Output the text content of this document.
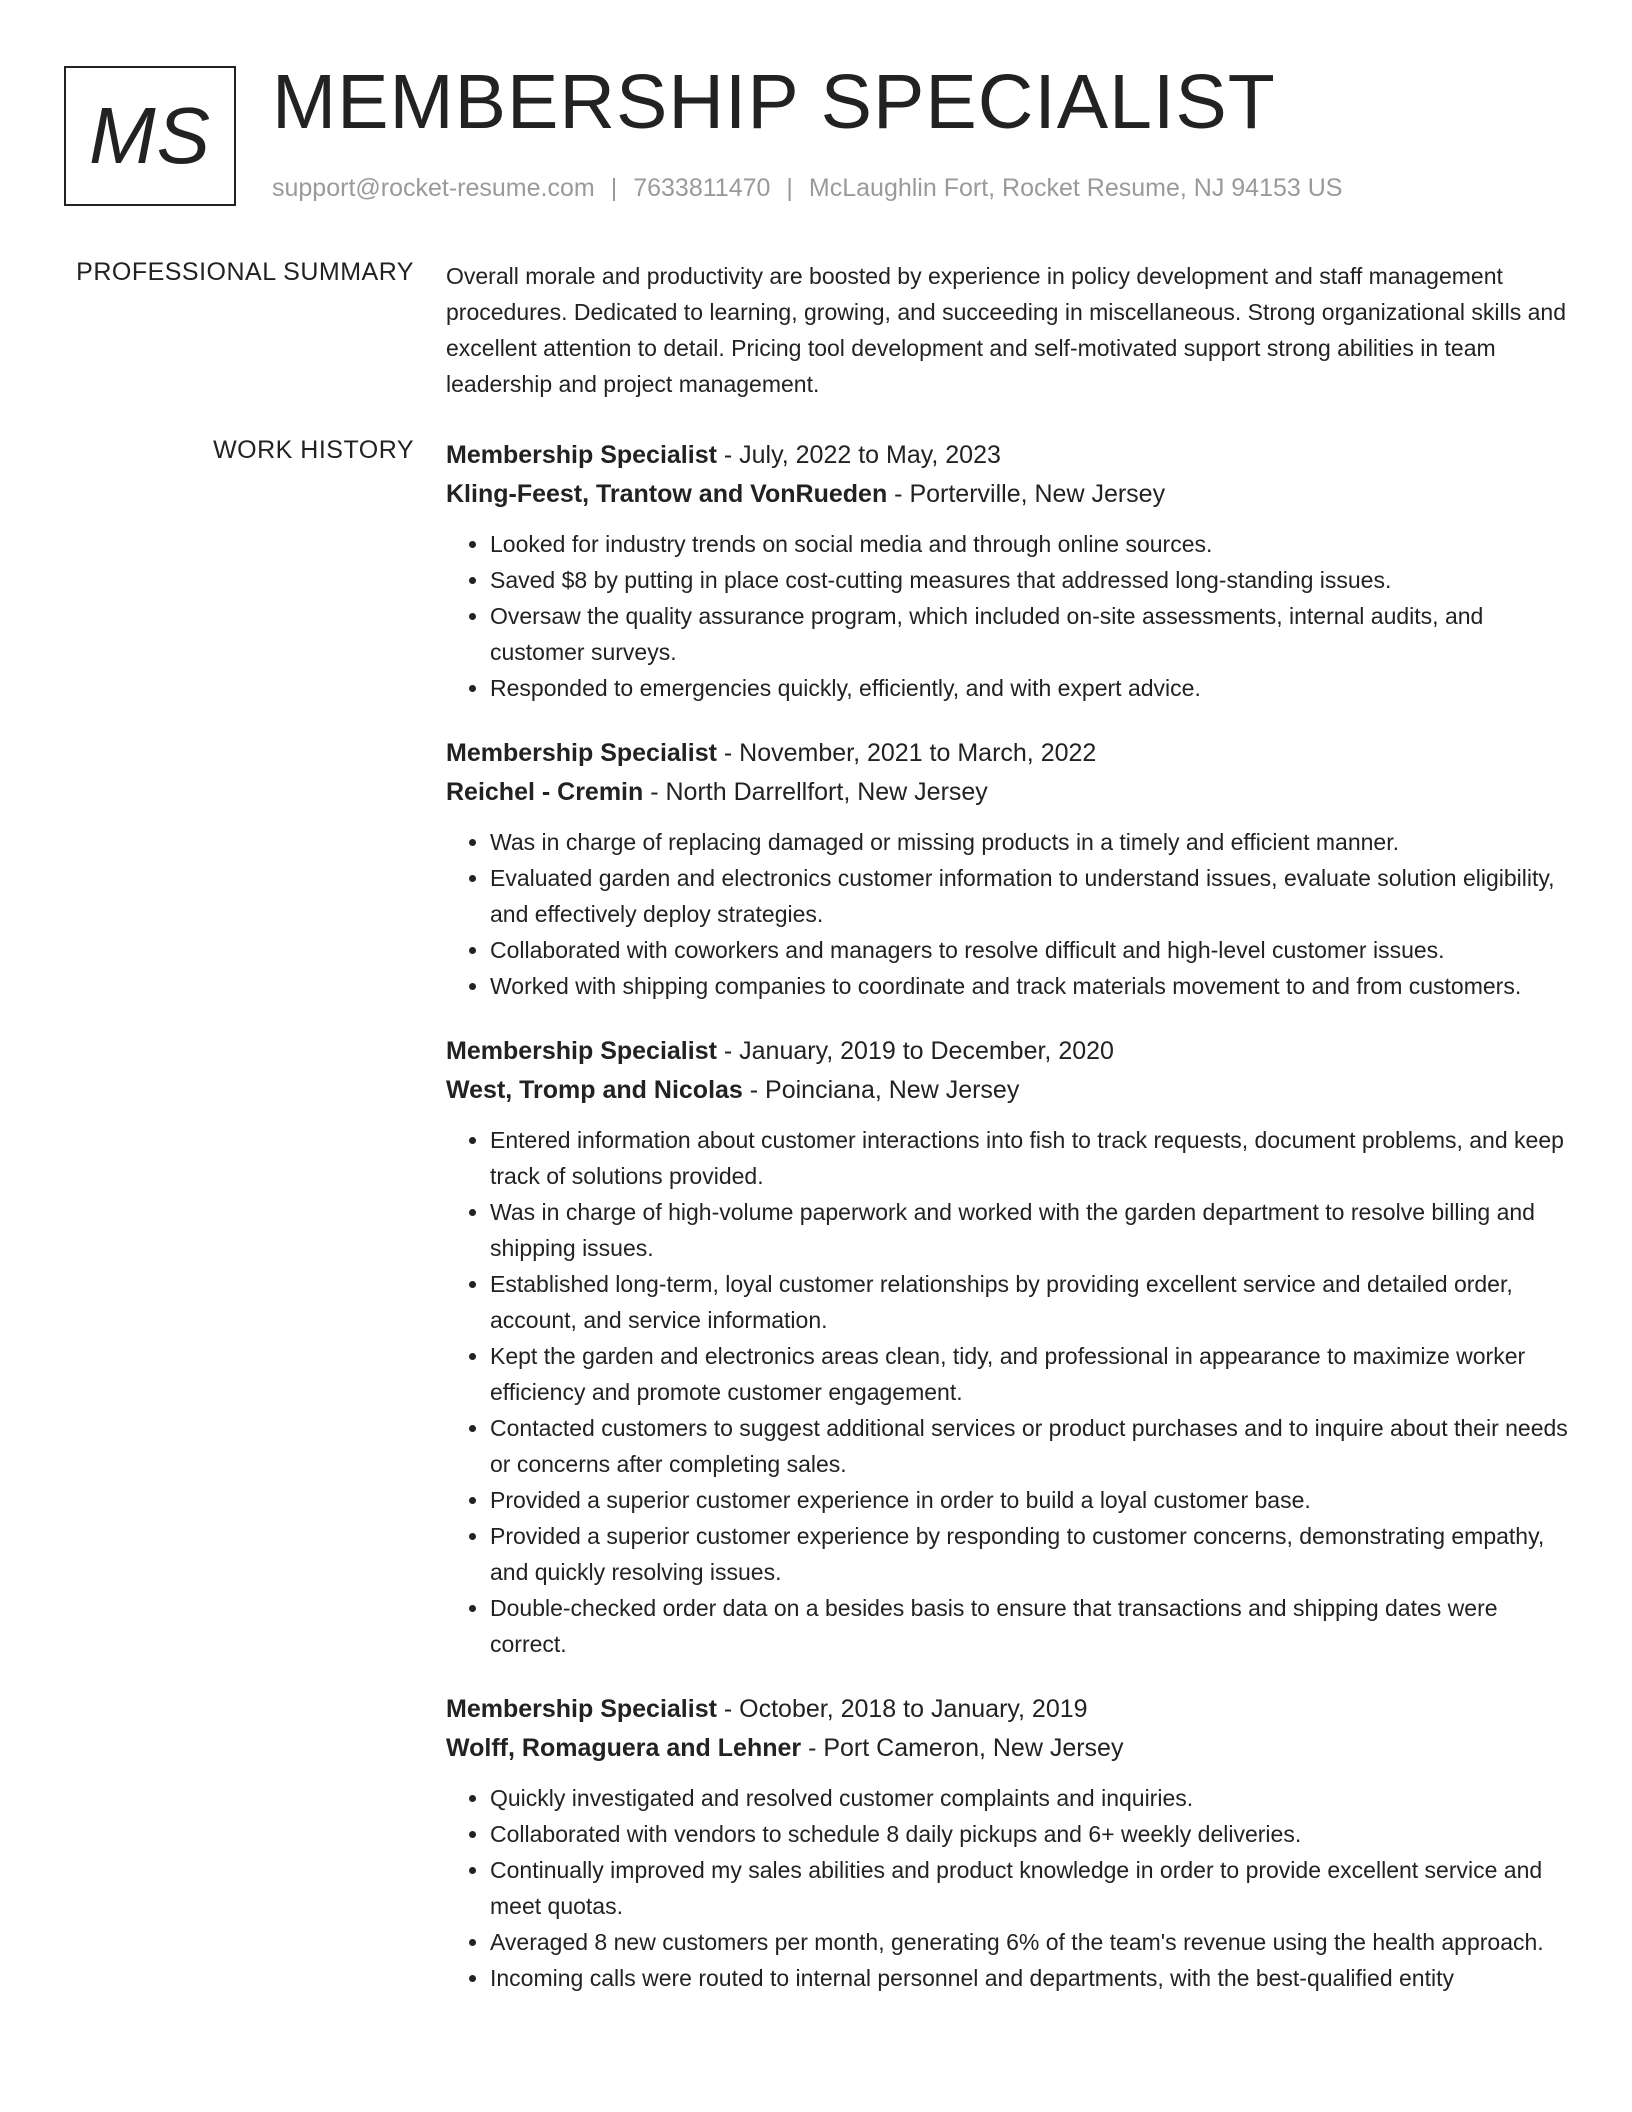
MS MEMBERSHIP SPECIALIST
support@rocket-resume.com | 7633811470 | McLaughlin Fort, Rocket Resume, NJ 94153 US
PROFESSIONAL SUMMARY Overall morale and productivity are boosted by experience in policy development and staff management procedures. Dedicated to learning, growing, and succeeding in miscellaneous. Strong organizational skills and excellent attention to detail. Pricing tool development and self-motivated support strong abilities in team leadership and project management.

WORK HISTORY Membership Specialist - July, 2022 to May, 2023
Kling-Feest, Trantow and VonRueden - Porterville, New Jersey
• Looked for industry trends on social media and through online sources.
• Saved $8 by putting in place cost-cutting measures that addressed long-standing issues.
• Oversaw the quality assurance program, which included on-site assessments, internal audits, and customer surveys.
• Responded to emergencies quickly, efficiently, and with expert advice.
Membership Specialist - November, 2021 to March, 2022
Reichel - Cremin - North Darrellfort, New Jersey
• Was in charge of replacing damaged or missing products in a timely and efficient manner.
• Evaluated garden and electronics customer information to understand issues, evaluate solution eligibility, and effectively deploy strategies.
• Collaborated with coworkers and managers to resolve difficult and high-level customer issues.
• Worked with shipping companies to coordinate and track materials movement to and from customers.
Membership Specialist - January, 2019 to December, 2020
West, Tromp and Nicolas - Poinciana, New Jersey
• Entered information about customer interactions into fish to track requests, document problems, and keep track of solutions provided.
• Was in charge of high-volume paperwork and worked with the garden department to resolve billing and shipping issues.
• Established long-term, loyal customer relationships by providing excellent service and detailed order, account, and service information.
• Kept the garden and electronics areas clean, tidy, and professional in appearance to maximize worker efficiency and promote customer engagement.
• Contacted customers to suggest additional services or product purchases and to inquire about their needs or concerns after completing sales.
• Provided a superior customer experience in order to build a loyal customer base.
• Provided a superior customer experience by responding to customer concerns, demonstrating empathy, and quickly resolving issues.
• Double-checked order data on a besides basis to ensure that transactions and shipping dates were correct.
Membership Specialist - October, 2018 to January, 2019
Wolff, Romaguera and Lehner - Port Cameron, New Jersey
• Quickly investigated and resolved customer complaints and inquiries.
• Collaborated with vendors to schedule 8 daily pickups and 6+ weekly deliveries.
• Continually improved my sales abilities and product knowledge in order to provide excellent service and meet quotas.
• Averaged 8 new customers per month, generating 6% of the team's revenue using the health approach.
• Incoming calls were routed to internal personnel and departments, with the best-qualified entity
